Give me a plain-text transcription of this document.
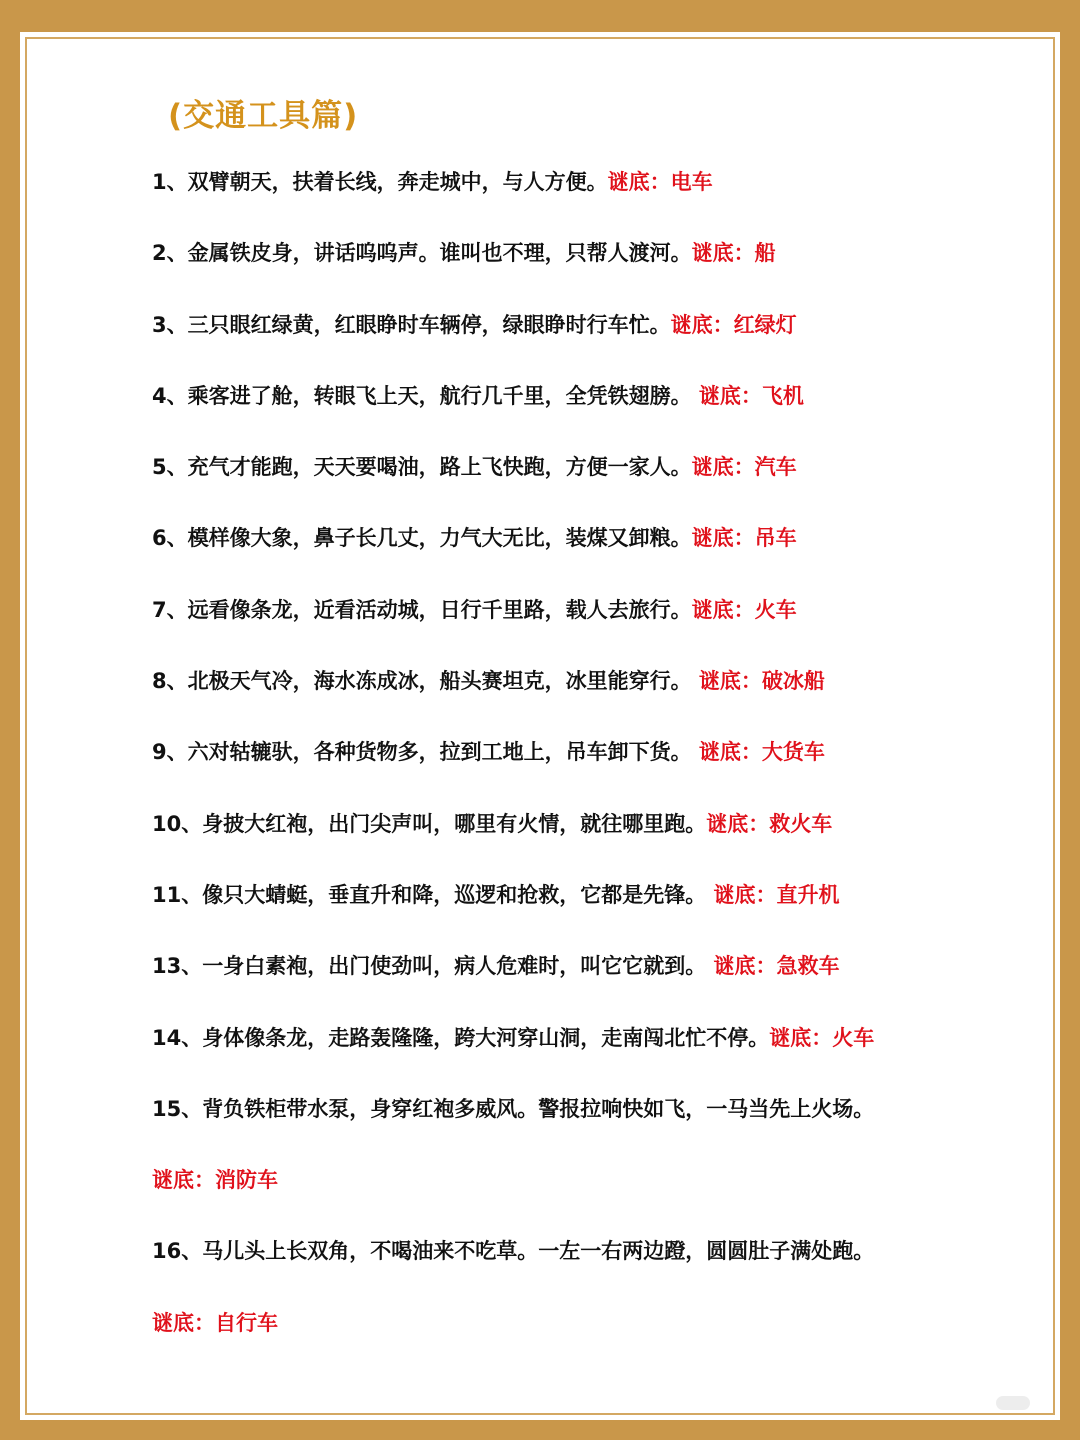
(交通工具篇)
1、双臂朝天，扶着长线，奔走城中，与人方便。谜底：电车
2、金属铁皮身，讲话呜呜声。谁叫也不理，只帮人渡河。谜底：船
3、三只眼红绿黄，红眼睁时车辆停，绿眼睁时行车忙。谜底：红绿灯
4、乘客进了舱，转眼飞上天，航行几千里，全凭铁翅膀。 谜底：飞机
5、充气才能跑，天天要喝油，路上飞快跑，方便一家人。谜底：汽车
6、模样像大象，鼻子长几丈，力气大无比，装煤又卸粮。谜底：吊车
7、远看像条龙，近看活动城，日行千里路，载人去旅行。谜底：火车
8、北极天气冷，海水冻成冰，船头赛坦克，冰里能穿行。 谜底：破冰船
9、六对轱辘驮，各种货物多，拉到工地上，吊车卸下货。 谜底：大货车
10、身披大红袍，出门尖声叫，哪里有火情，就往哪里跑。谜底：救火车
11、像只大蜻蜓，垂直升和降，巡逻和抢救，它都是先锋。 谜底：直升机
13、一身白素袍，出门使劲叫，病人危难时，叫它它就到。 谜底：急救车
14、身体像条龙，走路轰隆隆，跨大河穿山洞，走南闯北忙不停。谜底：火车
15、背负铁柜带水泵，身穿红袍多威风。警报拉响快如飞，一马当先上火场。
谜底：消防车
16、马儿头上长双角，不喝油来不吃草。一左一右两边蹬，圆圆肚子满处跑。
谜底：自行车
